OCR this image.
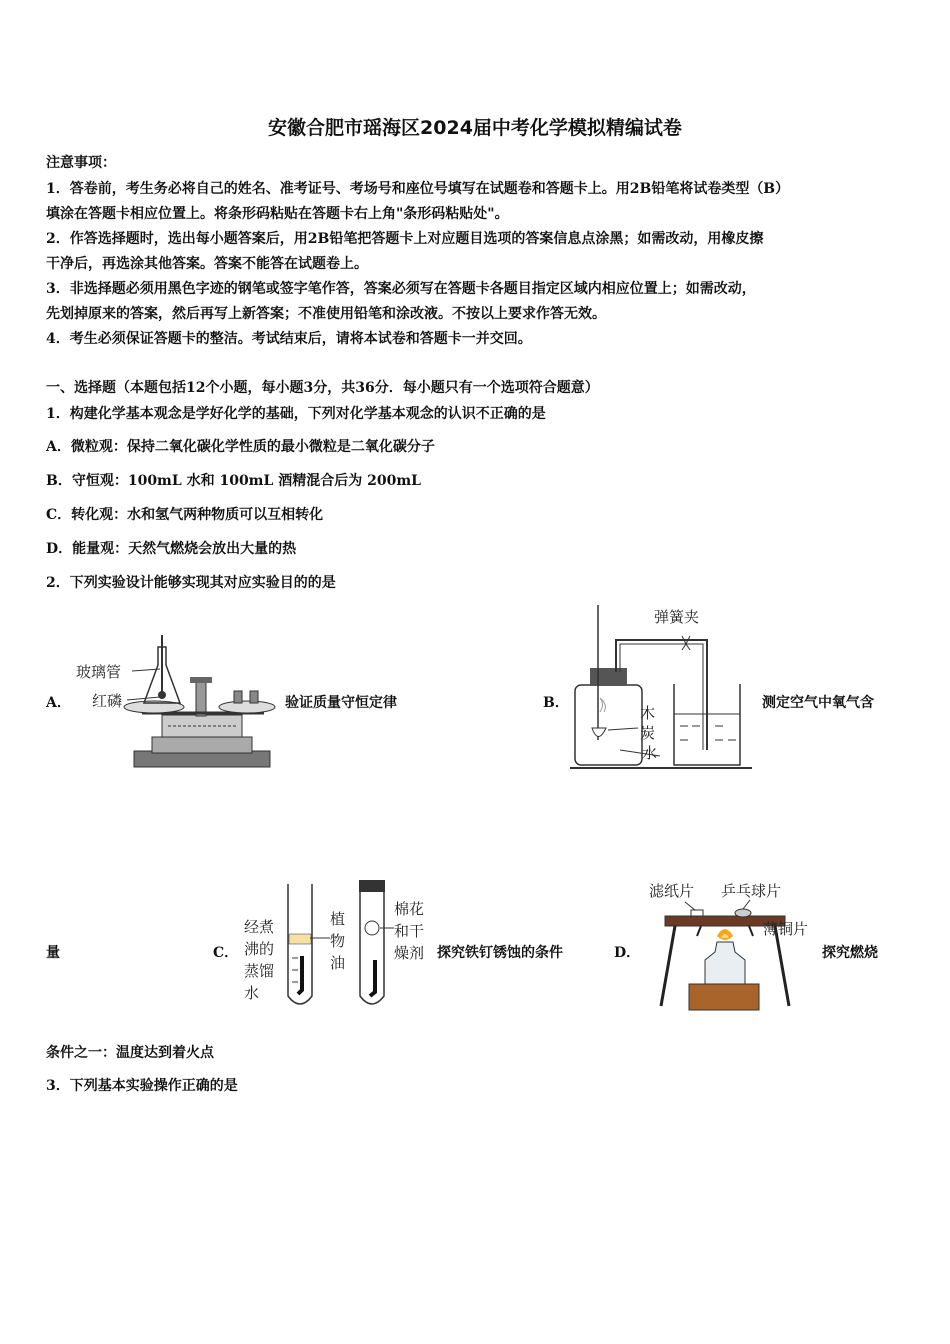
安徽合肥市瑶海区2024届中考化学模拟精编试卷
注意事项：
1．答卷前，考生务必将自己的姓名、准考证号、考场号和座位号填写在试题卷和答题卡上。用2B铅笔将试卷类型（B）
填涂在答题卡相应位置上。将条形码粘贴在答题卡右上角"条形码粘贴处"。
2．作答选择题时，选出每小题答案后，用2B铅笔把答题卡上对应题目选项的答案信息点涂黑；如需改动，用橡皮擦
干净后，再选涂其他答案。答案不能答在试题卷上。
3．非选择题必须用黑色字迹的钢笔或签字笔作答，答案必须写在答题卡各题目指定区域内相应位置上；如需改动，
先划掉原来的答案，然后再写上新答案；不准使用铅笔和涂改液。不按以上要求作答无效。
4．考生必须保证答题卡的整洁。考试结束后，请将本试卷和答题卡一并交回。
一、选择题（本题包括12个小题，每小题3分，共36分．每小题只有一个选项符合题意）
1．构建化学基本观念是学好化学的基础，下列对化学基本观念的认识不正确的是
A．微粒观：保持二氧化碳化学性质的最小微粒是二氧化碳分子
B．守恒观：100mL 水和 100mL 酒精混合后为 200mL
C．转化观：水和氢气两种物质可以互相转化
D．能量观：天然气燃烧会放出大量的热
2．下列实验设计能够实现其对应实验目的的是
A．
玻璃管
红磷	验证质量守恒定律	B．
弹簧夹
木
炭
水
测定空气中氧气含
量	C．
经煮
沸的
蒸馏
水
植
物
油
棉花
和干
燥剂 探究铁钉锈蚀的条件	D．
滤纸片 乒乓球片
薄铜片
探究燃烧
条件之一：温度达到着火点
3．下列基本实验操作正确的是
